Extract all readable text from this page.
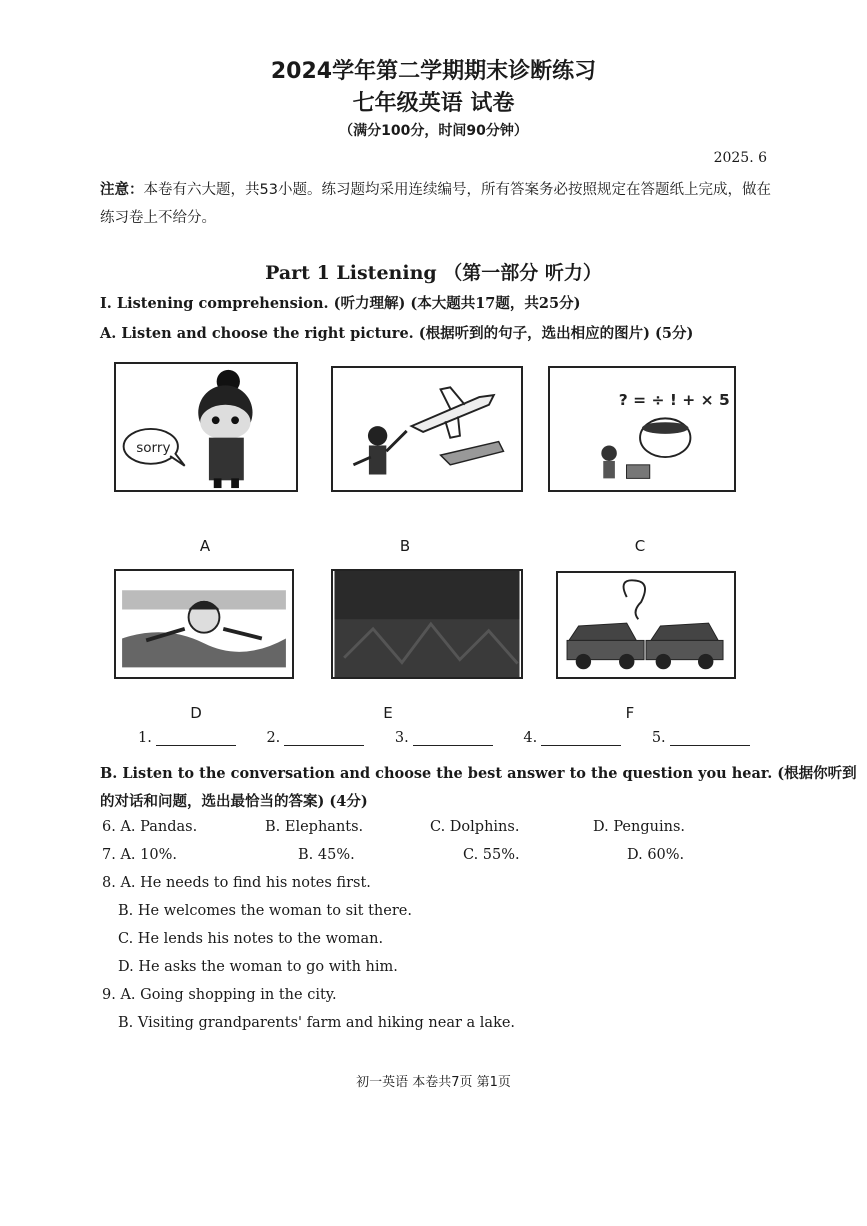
2024学年第二学期期末诊断练习
七年级英语 试卷
（满分100分，时间90分钟）
2025. 6
注意：本卷有六大题，共53小题。练习题均采用连续编号，所有答案务必按照规定在答题纸上完成，做在练习卷上不给分。
Part 1 Listening （第一部分 听力）
I. Listening comprehension. (听力理解) (本大题共17题，共25分)
A. Listen and choose the right picture. (根据听到的句子，选出相应的图片) (5分)
sorry
? = ÷ ! + × 5
A	B	C
D	E	F
1.	2.	3.	4.	5.
B. Listen to the conversation and choose the best answer to the question you hear. (根据你听到
的对话和问题，选出最恰当的答案) (4分)
6. A. Pandas.	B. Elephants.	C. Dolphins.	D. Penguins.
7. A. 10%.	B. 45%.	C. 55%.	D. 60%.
8. A. He needs to find his notes first.
B. He welcomes the woman to sit there.
C. He lends his notes to the woman.
D. He asks the woman to go with him.
9. A. Going shopping in the city.
B. Visiting grandparents' farm and hiking near a lake.
初一英语 本卷共7页 第1页
